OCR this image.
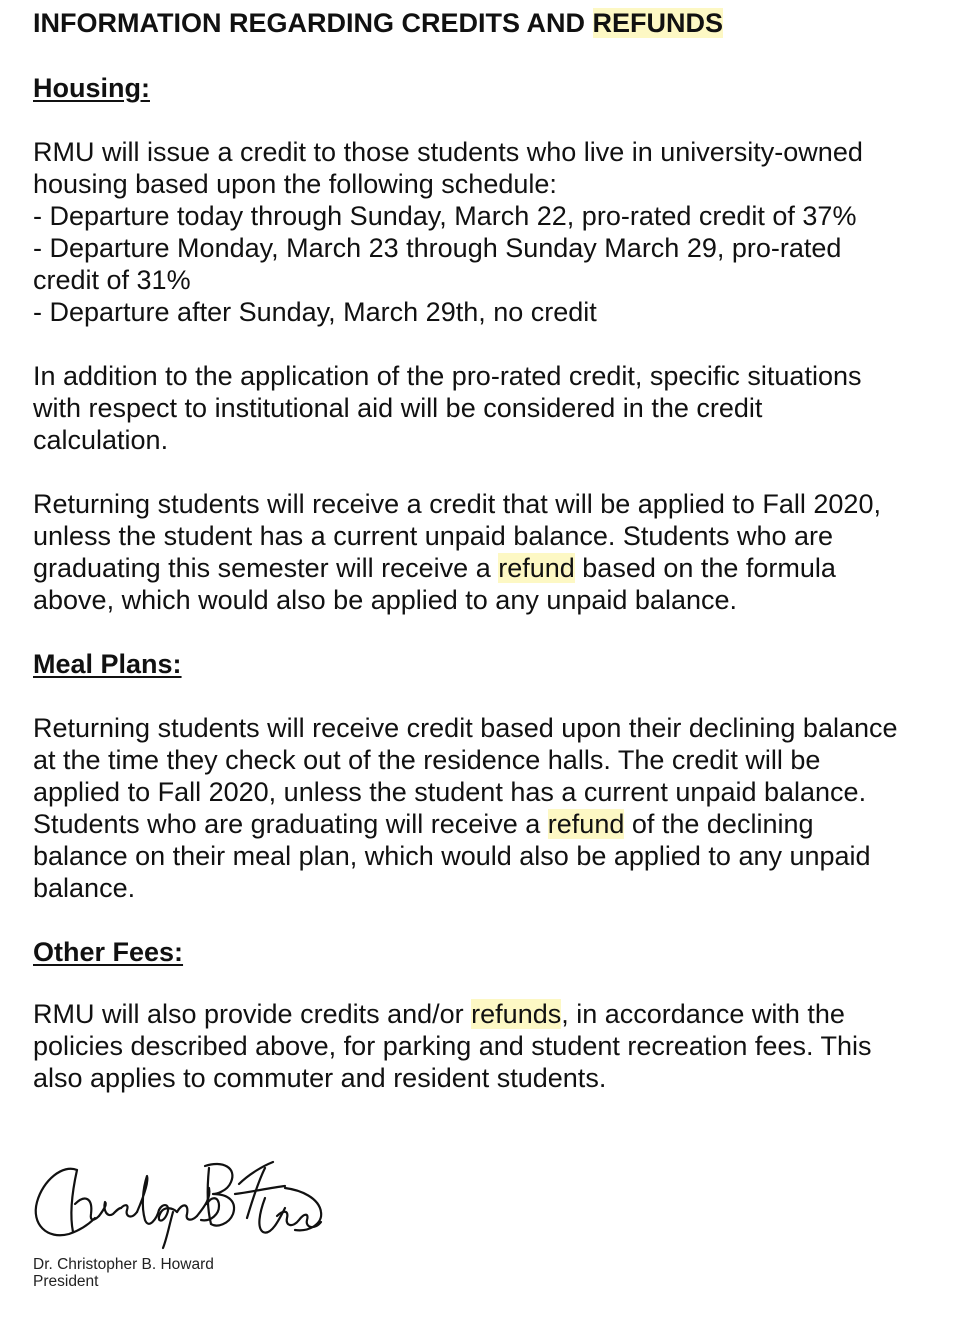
INFORMATION REGARDING CREDITS AND REFUNDS
Housing:

RMU will issue a credit to those students who live in university-owned
housing based upon the following schedule:
- Departure today through Sunday, March 22, pro-rated credit of 37%
- Departure Monday, March 23 through Sunday March 29, pro-rated
credit of 31%
- Departure after Sunday, March 29th, no credit

In addition to the application of the pro-rated credit, specific situations
with respect to institutional aid will be considered in the credit
calculation.

Returning students will receive a credit that will be applied to Fall 2020,
unless the student has a current unpaid balance. Students who are
graduating this semester will receive a refund based on the formula
above, which would also be applied to any unpaid balance.

Meal Plans:

Returning students will receive credit based upon their declining balance
at the time they check out of the residence halls. The credit will be
applied to Fall 2020, unless the student has a current unpaid balance.
Students who are graduating will receive a refund of the declining
balance on their meal plan, which would also be applied to any unpaid
balance.

Other Fees:

RMU will also provide credits and/or refunds, in accordance with the
policies described above, for parking and student recreation fees. This
also applies to commuter and resident students.

Dr. Christopher B. Howard
President
